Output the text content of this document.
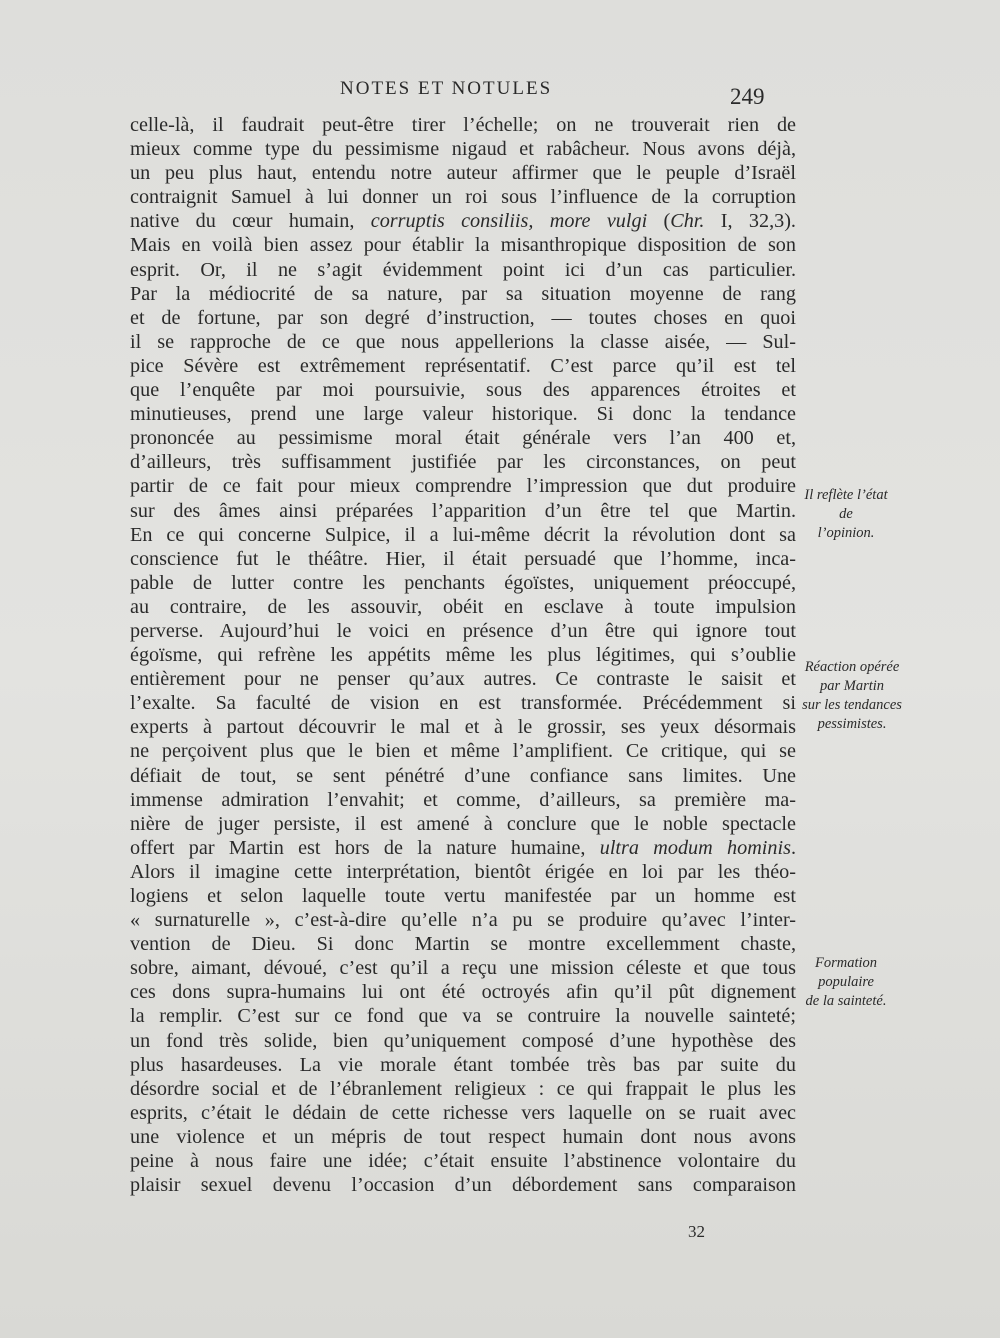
NOTES ET NOTULES	249
celle-là, il faudrait peut-être tirer l’échelle; on ne trouverait rien de
mieux comme type du pessimisme nigaud et rabâcheur. Nous avons déjà,
un peu plus haut, entendu notre auteur affirmer que le peuple d’Israël
contraignit Samuel à lui donner un roi sous l’influence de la corruption
native du cœur humain, corruptis consiliis, more vulgi (Chr. I, 32,3).
Mais en voilà bien assez pour établir la misanthropique disposition de son
esprit. Or, il ne s’agit évidemment point ici d’un cas particulier.
Par la médiocrité de sa nature, par sa situation moyenne de rang
et de fortune, par son degré d’instruction, — toutes choses en quoi
il se rapproche de ce que nous appellerions la classe aisée, — Sul-
pice Sévère est extrêmement représentatif. C’est parce qu’il est tel
que l’enquête par moi poursuivie, sous des apparences étroites et
minutieuses, prend une large valeur historique. Si donc la tendance
prononcée au pessimisme moral était générale vers l’an 400 et,
d’ailleurs, très suffisamment justifiée par les circonstances, on peut
partir de ce fait pour mieux comprendre l’impression que dut produire
sur des âmes ainsi préparées l’apparition d’un être tel que Martin.
En ce qui concerne Sulpice, il a lui-même décrit la révolution dont sa
conscience fut le théâtre. Hier, il était persuadé que l’homme, inca-
pable de lutter contre les penchants égoïstes, uniquement préoccupé,
au contraire, de les assouvir, obéit en esclave à toute impulsion
perverse. Aujourd’hui le voici en présence d’un être qui ignore tout
égoïsme, qui refrène les appétits même les plus légitimes, qui s’oublie
entièrement pour ne penser qu’aux autres. Ce contraste le saisit et
l’exalte. Sa faculté de vision en est transformée. Précédemment si
experts à partout découvrir le mal et à le grossir, ses yeux désormais
ne perçoivent plus que le bien et même l’amplifient. Ce critique, qui se
défiait de tout, se sent pénétré d’une confiance sans limites. Une
immense admiration l’envahit; et comme, d’ailleurs, sa première ma-
nière de juger persiste, il est amené à conclure que le noble spectacle
offert par Martin est hors de la nature humaine, ultra modum hominis.
Alors il imagine cette interprétation, bientôt érigée en loi par les théo-
logiens et selon laquelle toute vertu manifestée par un homme est
« surnaturelle », c’est-à-dire qu’elle n’a pu se produire qu’avec l’inter-
vention de Dieu. Si donc Martin se montre excellemment chaste,
sobre, aimant, dévoué, c’est qu’il a reçu une mission céleste et que tous
ces dons supra-humains lui ont été octroyés afin qu’il pût dignement
la remplir. C’est sur ce fond que va se contruire la nouvelle sainteté;
un fond très solide, bien qu’uniquement composé d’une hypothèse des
plus hasardeuses. La vie morale étant tombée très bas par suite du
désordre social et de l’ébranlement religieux : ce qui frappait le plus les
esprits, c’était le dédain de cette richesse vers laquelle on se ruait avec
une violence et un mépris de tout respect humain dont nous avons
peine à nous faire une idée; c’était ensuite l’abstinence volontaire du
plaisir sexuel devenu l’occasion d’un débordement sans comparaison
Il reflète l’état
de
l’opinion.
Réaction opérée
par Martin
sur les tendances
pessimistes.
Formation
populaire
de la sainteté.
32
